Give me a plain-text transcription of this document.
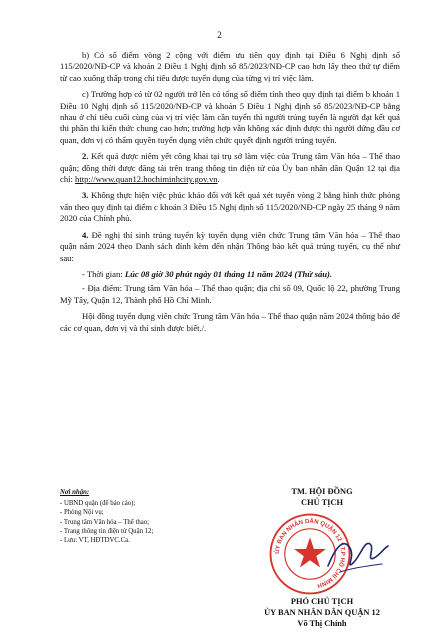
2

b) Có số điểm vòng 2 cộng với điểm ưu tiên quy định tại Điều 6 Nghị định số 115/2020/NĐ-CP và khoản 2 Điều 1 Nghị định số 85/2023/NĐ-CP cao hơn lấy theo thứ tự điểm từ cao xuống thấp trong chỉ tiêu được tuyển dụng của từng vị trí việc làm.

c) Trường hợp có từ 02 người trở lên có tổng số điểm tính theo quy định tại điểm b khoản 1 Điều 10 Nghị định số 115/2020/NĐ-CP và khoản 5 Điều 1 Nghị định số 85/2023/NĐ-CP bằng nhau ở chỉ tiêu cuối cùng của vị trí việc làm cần tuyển thì người trúng tuyển là người đạt kết quả thi phần thi kiến thức chung cao hơn; trường hợp vẫn không xác định được thì người đứng đầu cơ quan, đơn vị có thẩm quyền tuyển dụng viên chức quyết định người trúng tuyển.

2. Kết quả được niêm yết công khai tại trụ sở làm việc của Trung tâm Văn hóa – Thể thao quận; đồng thời được đăng tải trên trang thông tin điện tử của Ủy ban nhân dân Quận 12 tại địa chỉ: http://www.quan12.hochiminhcity.gov.vn.

3. Không thực hiện việc phúc khảo đối với kết quả xét tuyển vòng 2 bằng hình thức phỏng vấn theo quy định tại điểm c khoản 3 Điều 15 Nghị định số 115/2020/NĐ-CP ngày 25 tháng 9 năm 2020 của Chính phủ.

4. Đề nghị thí sinh trúng tuyển kỳ tuyển dụng viên chức Trung tâm Văn hóa – Thể thao quận năm 2024 theo Danh sách đính kèm đến nhận Thông báo kết quả trúng tuyển, cụ thể như sau:

- Thời gian: Lúc 08 giờ 30 phút ngày 01 tháng 11 năm 2024 (Thứ sáu).

- Địa điểm: Trung tâm Văn hóa – Thể thao quận; địa chỉ số 09, Quốc lộ 22, phường Trung Mỹ Tây, Quận 12, Thành phố Hồ Chí Minh.

Hội đồng tuyển dụng viên chức Trung tâm Văn hóa – Thể thao quận năm 2024 thông báo để các cơ quan, đơn vị và thí sinh được biết./.

Nơi nhận:
- UBND quận (để báo cáo);
- Phòng Nội vụ;
- Trung tâm Văn hóa – Thể thao;
- Trang thông tin điện tử Quận 12;
- Lưu: VT, HĐTDVC.Ca.
TM. HỘI ĐỒNG
CHỦ TỊCH
ỦY BAN NHÂN DÂN QUẬN 12 * T.P HỒ CHÍ MINH
PHÓ CHỦ TỊCH
ỦY BAN NHÂN DÂN QUẬN 12
Võ Thị Chính
